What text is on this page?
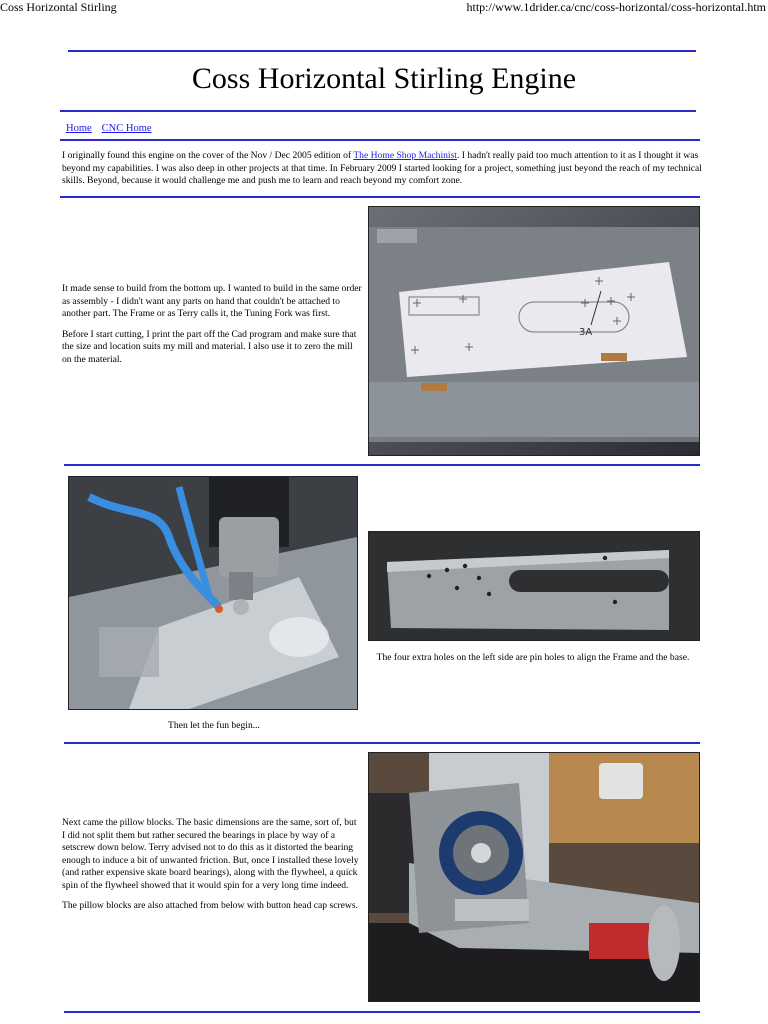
Coss Horizontal Stirling	http://www.1drider.ca/cnc/coss-horizontal/coss-horizontal.htm
Coss Horizontal Stirling Engine
Home CNC Home
I originally found this engine on the cover of the Nov / Dec 2005 edition of The Home Shop Machinist. I hadn't really paid too much attention to it as I thought it was beyond my capabilities. I was also deep in other projects at that time. In February 2009 I started looking for a project, something just beyond the reach of my technical skills. Beyond, because it would challenge me and push me to learn and reach beyond my comfort zone.

It made sense to build from the bottom up. I wanted to build in the same order as assembly - I didn't want any parts on hand that couldn't be attached to another part. The Frame or as Terry calls it, the Tuning Fork was first.

Before I start cutting, I print the part off the Cad program and make sure that the size and location suits my mill and material. I also use it to zero the mill on the material.

3A
The four extra holes on the left side are pin holes to align the Frame and the base.
Then let the fun begin...

Next came the pillow blocks. The basic dimensions are the same, sort of, but I did not split them but rather secured the bearings in place by way of a setscrew down below. Terry advised not to do this as it distorted the bearing enough to induce a bit of unwanted friction. But, once I installed these lovely (and rather expensive skate board bearings), along with the flywheel, a quick spin of the flywheel showed that it would spin for a very long time indeed.

The pillow blocks are also attached from below with button head cap screws.
